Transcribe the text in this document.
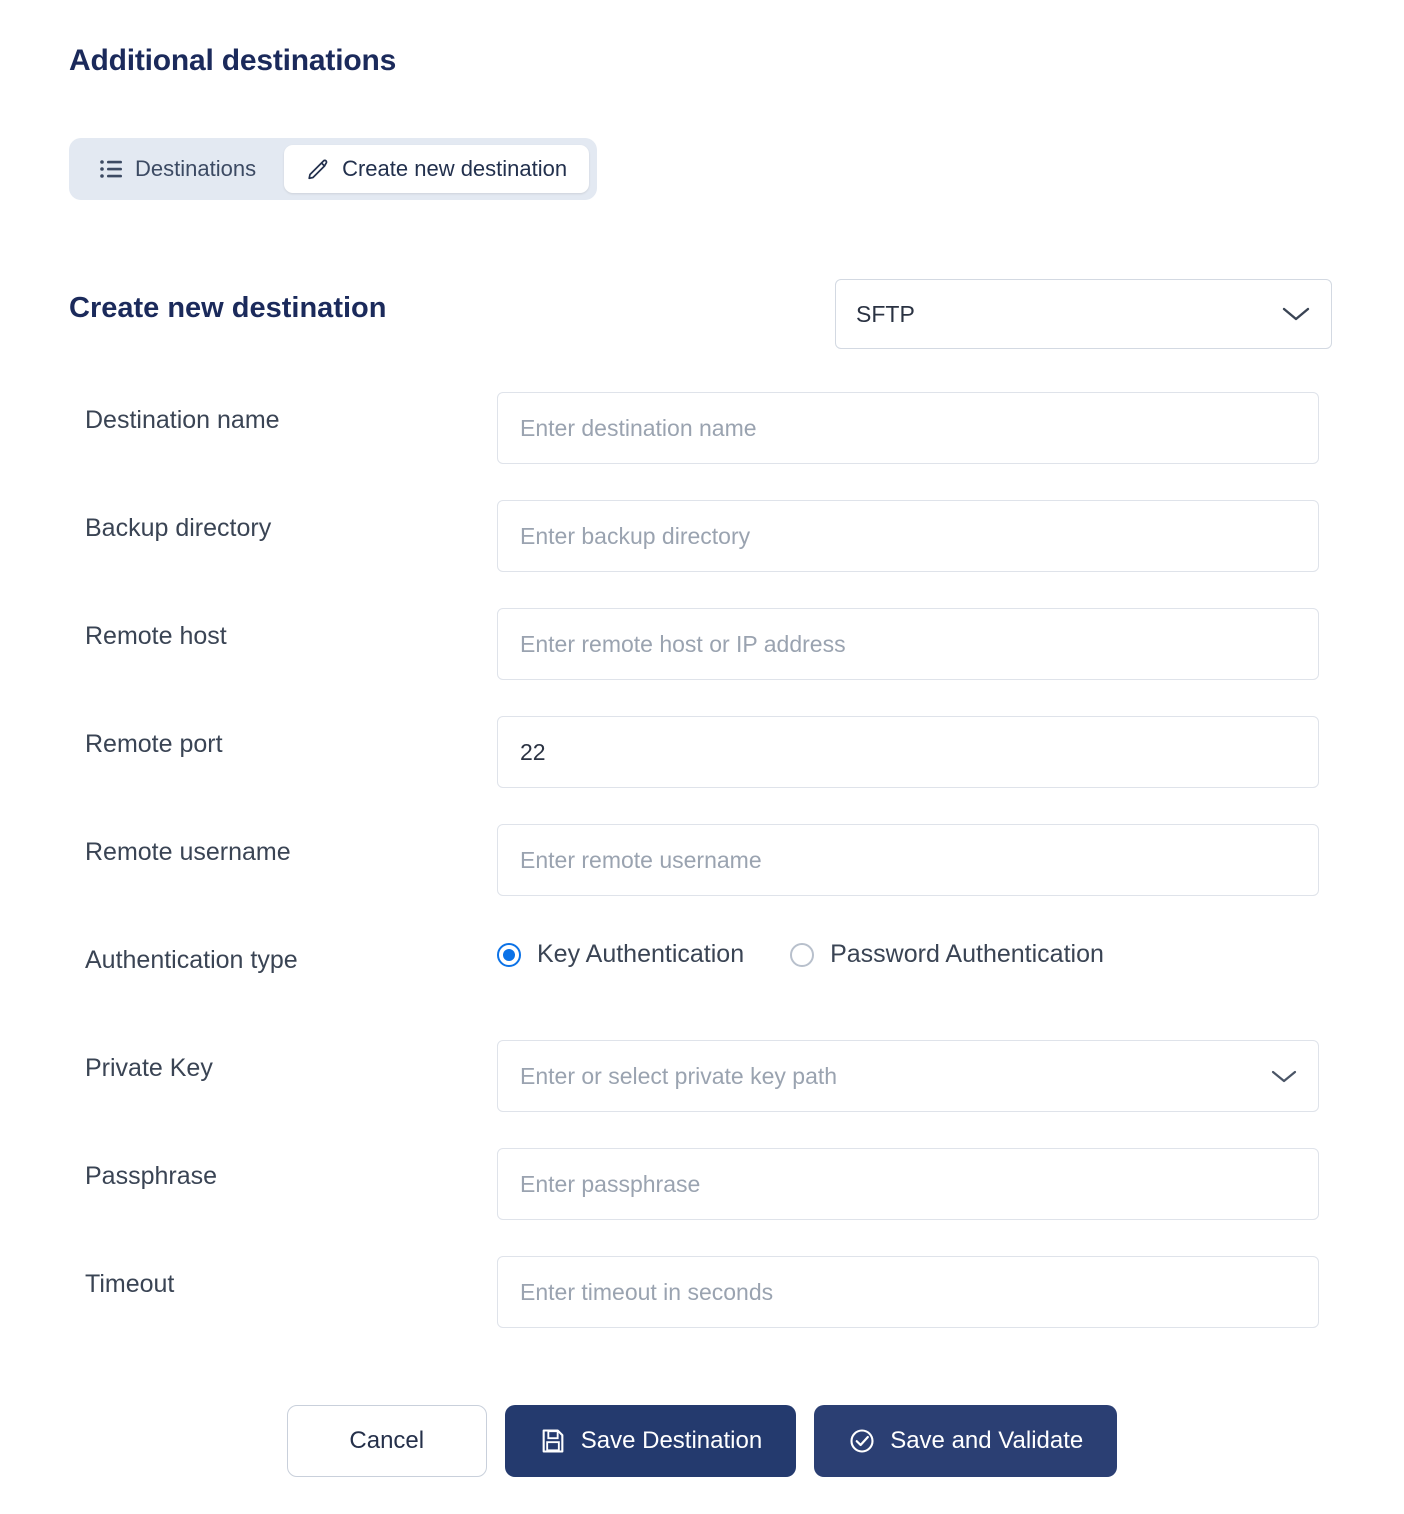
Additional destinations
Destinations	Create new destination
Create new destination	SFTP
Destination name	Enter destination name
Backup directory	Enter backup directory
Remote host	Enter remote host or IP address
Remote port	22
Remote username	Enter remote username
Authentication type	Key Authentication	Password Authentication
Private Key	Enter or select private key path
Passphrase	Enter passphrase
Timeout	Enter timeout in seconds
Cancel	Save Destination	Save and Validate
